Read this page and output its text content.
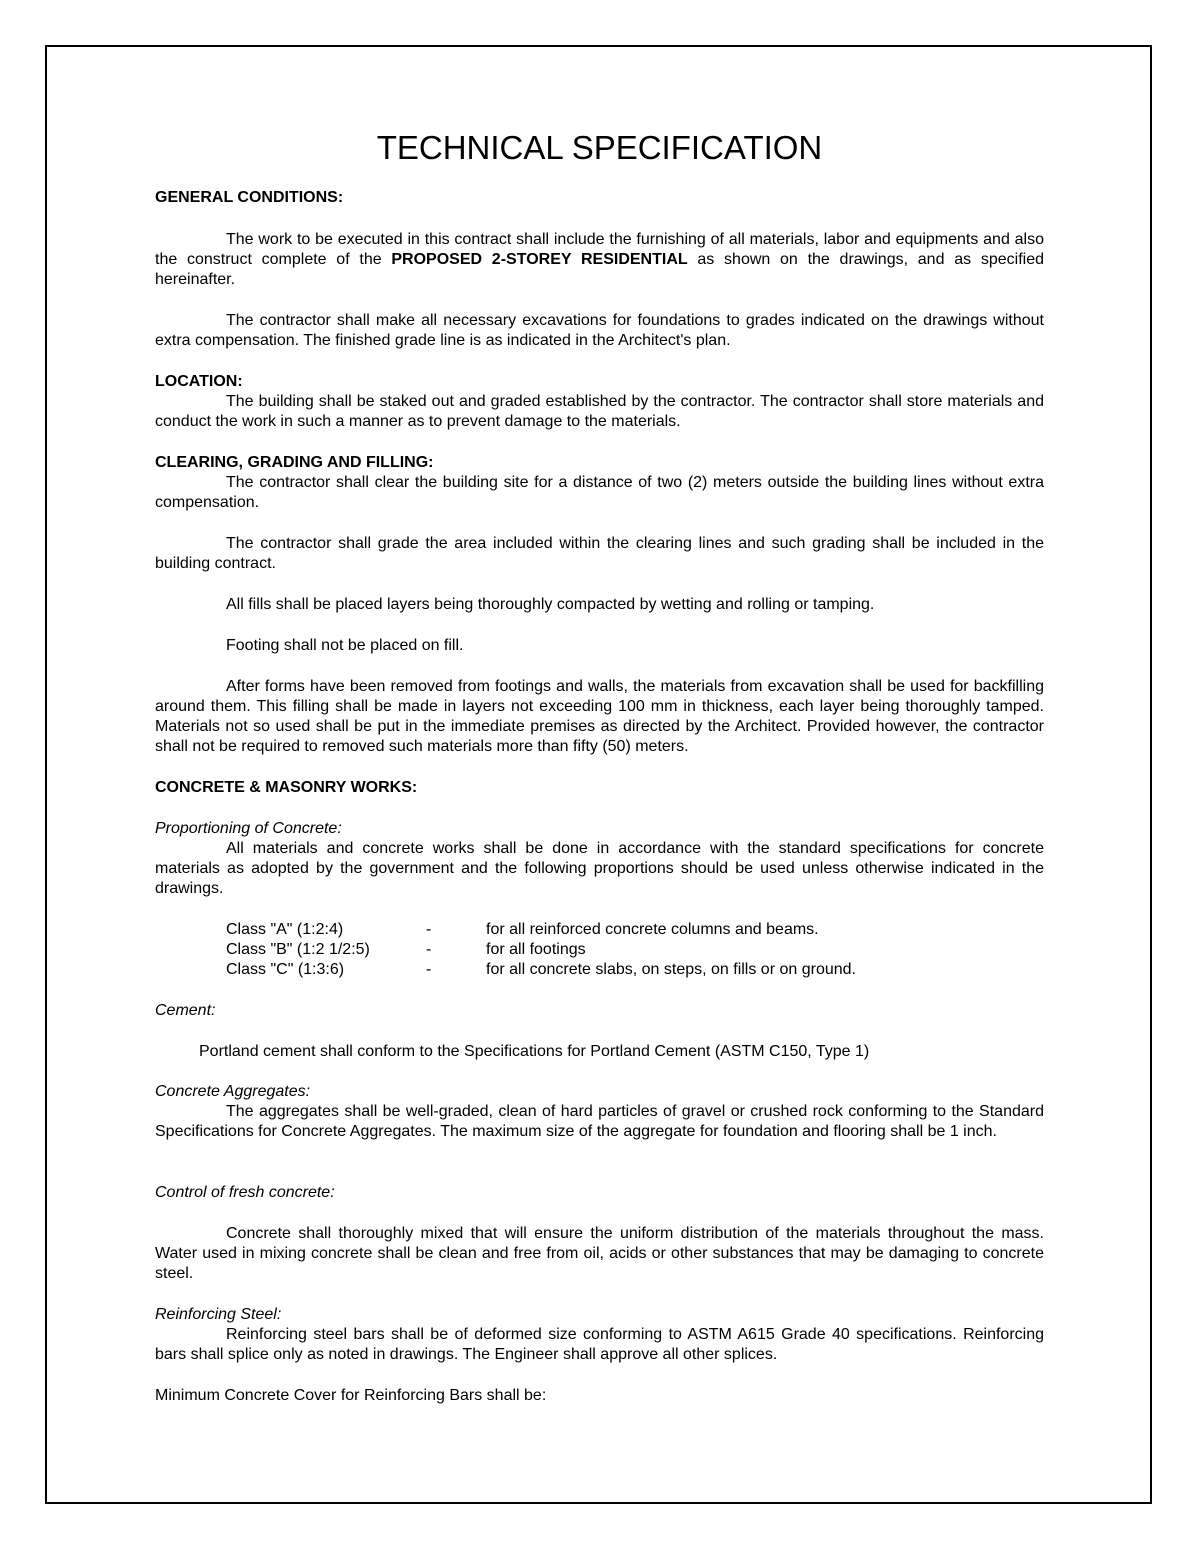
TECHNICAL SPECIFICATION
GENERAL CONDITIONS:
The work to be executed in this contract shall include the furnishing of all materials, labor and equipments and also the construct complete of the PROPOSED 2-STOREY RESIDENTIAL as shown on the drawings, and as specified hereinafter.
The contractor shall make all necessary excavations for foundations to grades indicated on the drawings without extra compensation. The finished grade line is as indicated in the Architect's plan.
LOCATION:
The building shall be staked out and graded established by the contractor. The contractor shall store materials and conduct the work in such a manner as to prevent damage to the materials.
CLEARING, GRADING AND FILLING:
The contractor shall clear the building site for a distance of two (2) meters outside the building lines without extra compensation.
The contractor shall grade the area included within the clearing lines and such grading shall be included in the building contract.
All fills shall be placed layers being thoroughly compacted by wetting and rolling or tamping.
Footing shall not be placed on fill.
After forms have been removed from footings and walls, the materials from excavation shall be used for backfilling around them. This filling shall be made in layers not exceeding 100 mm in thickness, each layer being thoroughly tamped. Materials not so used shall be put in the immediate premises as directed by the Architect. Provided however, the contractor shall not be required to removed such materials more than fifty (50) meters.
CONCRETE & MASONRY WORKS:
Proportioning of Concrete:
All materials and concrete works shall be done in accordance with the standard specifications for concrete materials as adopted by the government and the following proportions should be used unless otherwise indicated in the drawings.
Class "A" (1:2:4)	-	for all reinforced concrete columns and beams.
Class "B" (1:2 1/2:5)	-	for all footings
Class "C" (1:3:6)	-	for all concrete slabs, on steps, on fills or on ground.
Cement:
Portland cement shall conform to the Specifications for Portland Cement (ASTM C150, Type 1)
Concrete Aggregates:
The aggregates shall be well-graded, clean of hard particles of gravel or crushed rock conforming to the Standard Specifications for Concrete Aggregates. The maximum size of the aggregate for foundation and flooring shall be 1 inch.
Control of fresh concrete:
Concrete shall thoroughly mixed that will ensure the uniform distribution of the materials throughout the mass. Water used in mixing concrete shall be clean and free from oil, acids or other substances that may be damaging to concrete steel.
Reinforcing Steel:
Reinforcing steel bars shall be of deformed size conforming to ASTM A615 Grade 40 specifications. Reinforcing bars shall splice only as noted in drawings. The Engineer shall approve all other splices.
Minimum Concrete Cover for Reinforcing Bars shall be:
